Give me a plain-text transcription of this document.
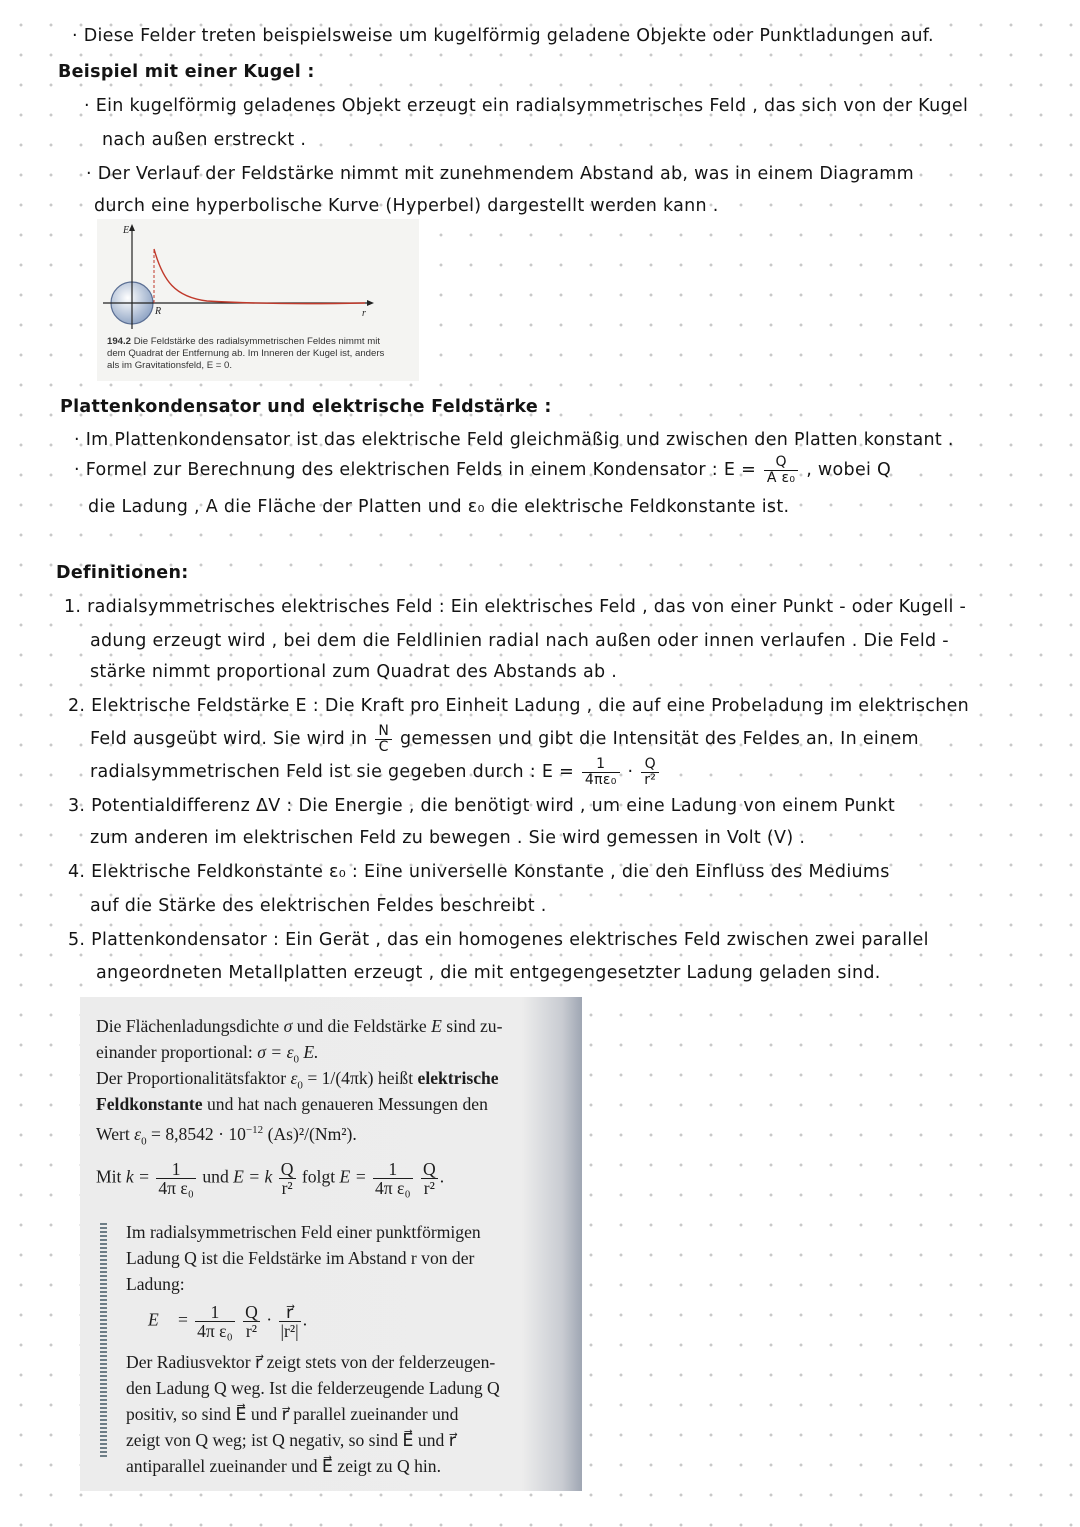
· Diese Felder treten beispielsweise um kugelförmig geladene Objekte oder Punktladungen auf.
Beispiel mit einer Kugel :
· Ein kugelförmig geladenes Objekt erzeugt ein radialsymmetrisches Feld , das sich von der Kugel
nach außen erstreckt .
· Der Verlauf der Feldstärke nimmt mit zunehmendem Abstand ab, was in einem Diagramm
durch eine hyperbolische Kurve (Hyperbel) dargestellt werden kann .
E
r
R
194.2 Die Feldstärke des radialsymmetrischen Feldes nimmt mit
dem Quadrat der Entfernung ab. Im Inneren der Kugel ist, anders
als im Gravitationsfeld, E = 0.
Plattenkondensator und elektrische Feldstärke :
· Im Plattenkondensator ist das elektrische Feld gleichmäßig und zwischen den Platten konstant .
· Formel zur Berechnung des elektrischen Felds in einem Kondensator : $E = \frac{Q}{\text{A ε₀}}$ , wobei Q
die Ladung , A die Fläche der Platten und ε₀ die elektrische Feldkonstante ist.
Definitionen:
1. radialsymmetrisches elektrisches Feld : Ein elektrisches Feld , das von einer Punkt - oder Kugell -
adung erzeugt wird , bei dem die Feldlinien radial nach außen oder innen verlaufen . Die Feld -
stärke nimmt proportional zum Quadrat des Abstands ab .
2. Elektrische Feldstärke E : Die Kraft pro Einheit Ladung , die auf eine Probeladung im elektrischen
Feld ausgeübt wird. Sie wird in $\frac{N}{C}$ gemessen und gibt die Intensität des Feldes an. In einem
radialsymmetrischen Feld ist sie gegeben durch : $E = \frac{1}{\text{4πε₀}} \cdot \frac{Q}{\text{r²}}$
3. Potentialdifferenz ΔV : Die Energie , die benötigt wird , um eine Ladung von einem Punkt
zum anderen im elektrischen Feld zu bewegen . Sie wird gemessen in Volt (V) .
4. Elektrische Feldkonstante ε₀ : Eine universelle Konstante , die den Einfluss des Mediums
auf die Stärke des elektrischen Feldes beschreibt .
5. Plattenkondensator : Ein Gerät , das ein homogenes elektrisches Feld zwischen zwei parallel
angeordneten Metallplatten erzeugt , die mit entgegengesetzter Ladung geladen sind.
Die Flächenladungsdichte σ und die Feldstärke E sind zu-
einander proportional: $\sigma = \varepsilon_0$ E.
Der Proportionalitätsfaktor $\varepsilon_0 = 1/(4\pi k)$ heißt elektrische
Feldkonstante und hat nach genaueren Messungen den
Wert $\varepsilon_0 = 8,8542 \cdot 10^{-12}$ (As)²/(Nm²).
Mit $k = \frac{1}{\text{4π ε₀}}$ und E = k $\frac{Q}{\text{r²}}$ folgt $E = \frac{1}{\text{4π ε₀}}$
$\frac{Q}{\text{r²}}$ .
Im radialsymmetrischen Feld einer punktförmigen
Ladung Q ist die Feldstärke im Abstand r von der
Ladung:
E⃗ = $\frac{1}{\text{4π ε₀}}$
$\frac{Q}{\text{r²}} \cdot \frac{r⃗}{\text{|r²|}}$ .
Der Radiusvektor r⃗ zeigt stets von der felderzeugen-
den Ladung Q weg. Ist die felderzeugende Ladung Q
positiv, so sind E⃗ und r⃗ parallel zueinander und
zeigt von Q weg; ist Q negativ, so sind E⃗ und r⃗
antiparallel zueinander und E⃗ zeigt zu Q hin.
